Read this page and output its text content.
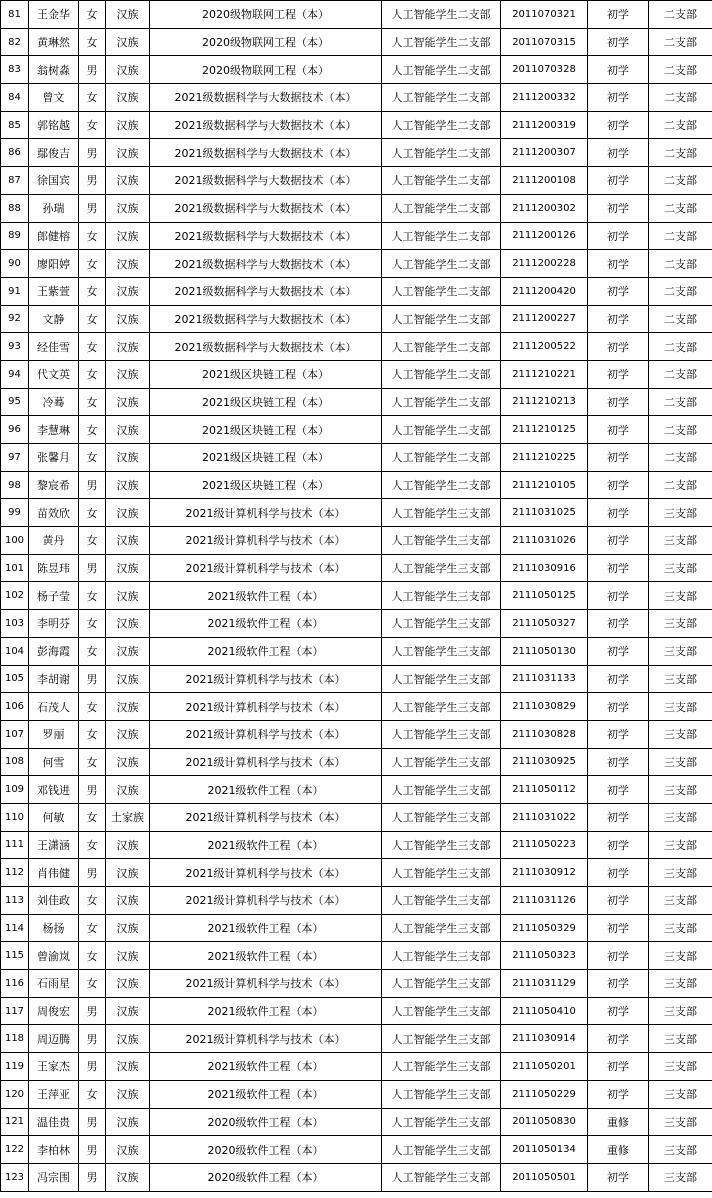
81	王金华	女	汉族	2020级物联网工程（本）	人工智能学生二支部	2011070321	初学	二支部
82	黄琳然	女	汉族	2020级物联网工程（本）	人工智能学生二支部	2011070315	初学	二支部
83	翁树淼	男	汉族	2020级物联网工程（本）	人工智能学生二支部	2011070328	初学	二支部
84	曾文	女	汉族	2021级数据科学与大数据技术（本）	人工智能学生二支部	2111200332	初学	二支部
85	郭铭越	女	汉族	2021级数据科学与大数据技术（本）	人工智能学生二支部	2111200319	初学	二支部
86	鄢俊吉	男	汉族	2021级数据科学与大数据技术（本）	人工智能学生二支部	2111200307	初学	二支部
87	徐国宾	男	汉族	2021级数据科学与大数据技术（本）	人工智能学生二支部	2111200108	初学	二支部
88	孙瑞	男	汉族	2021级数据科学与大数据技术（本）	人工智能学生二支部	2111200302	初学	二支部
89	郎健榕	女	汉族	2021级数据科学与大数据技术（本）	人工智能学生二支部	2111200126	初学	二支部
90	廖阳婷	女	汉族	2021级数据科学与大数据技术（本）	人工智能学生二支部	2111200228	初学	二支部
91	王紫萱	女	汉族	2021级数据科学与大数据技术（本）	人工智能学生二支部	2111200420	初学	二支部
92	文静	女	汉族	2021级数据科学与大数据技术（本）	人工智能学生二支部	2111200227	初学	二支部
93	经佳雪	女	汉族	2021级数据科学与大数据技术（本）	人工智能学生二支部	2111200522	初学	二支部
94	代文英	女	汉族	2021级区块链工程（本）	人工智能学生二支部	2111210221	初学	二支部
95	冷蓦	女	汉族	2021级区块链工程（本）	人工智能学生二支部	2111210213	初学	二支部
96	李慧琳	女	汉族	2021级区块链工程（本）	人工智能学生二支部	2111210125	初学	二支部
97	张馨月	女	汉族	2021级区块链工程（本）	人工智能学生二支部	2111210225	初学	二支部
98	黎宸希	男	汉族	2021级区块链工程（本）	人工智能学生二支部	2111210105	初学	二支部
99	苗效欣	女	汉族	2021级计算机科学与技术（本）	人工智能学生三支部	2111031025	初学	三支部
100	黄丹	女	汉族	2021级计算机科学与技术（本）	人工智能学生三支部	2111031026	初学	三支部
101	陈昱玮	男	汉族	2021级计算机科学与技术（本）	人工智能学生三支部	2111030916	初学	三支部
102	杨子莹	女	汉族	2021级软件工程（本）	人工智能学生三支部	2111050125	初学	三支部
103	李明芬	女	汉族	2021级软件工程（本）	人工智能学生三支部	2111050327	初学	三支部
104	彭海霞	女	汉族	2021级软件工程（本）	人工智能学生三支部	2111050130	初学	三支部
105	李胡谢	男	汉族	2021级计算机科学与技术（本）	人工智能学生三支部	2111031133	初学	三支部
106	石茂人	女	汉族	2021级计算机科学与技术（本）	人工智能学生三支部	2111030829	初学	三支部
107	罗丽	女	汉族	2021级计算机科学与技术（本）	人工智能学生三支部	2111030828	初学	三支部
108	何雪	女	汉族	2021级计算机科学与技术（本）	人工智能学生三支部	2111030925	初学	三支部
109	邓钱进	男	汉族	2021级软件工程（本）	人工智能学生三支部	2111050112	初学	三支部
110	何敏	女	土家族	2021级计算机科学与技术（本）	人工智能学生三支部	2111031022	初学	三支部
111	王潇涵	女	汉族	2021级软件工程（本）	人工智能学生三支部	2111050223	初学	三支部
112	肖伟健	男	汉族	2021级计算机科学与技术（本）	人工智能学生三支部	2111030912	初学	三支部
113	刘佳政	女	汉族	2021级计算机科学与技术（本）	人工智能学生三支部	2111031126	初学	三支部
114	杨扬	女	汉族	2021级软件工程（本）	人工智能学生三支部	2111050329	初学	三支部
115	曾渝岚	女	汉族	2021级软件工程（本）	人工智能学生三支部	2111050323	初学	三支部
116	石雨星	女	汉族	2021级计算机科学与技术（本）	人工智能学生三支部	2111031129	初学	三支部
117	周俊宏	男	汉族	2021级软件工程（本）	人工智能学生三支部	2111050410	初学	三支部
118	周迈腾	男	汉族	2021级计算机科学与技术（本）	人工智能学生三支部	2111030914	初学	三支部
119	王家杰	男	汉族	2021级软件工程（本）	人工智能学生三支部	2111050201	初学	三支部
120	王萍亚	女	汉族	2021级软件工程（本）	人工智能学生三支部	2111050229	初学	三支部
121	温佳贵	男	汉族	2020级软件工程（本）	人工智能学生三支部	2011050830	重修	三支部
122	李柏林	男	汉族	2020级软件工程（本）	人工智能学生三支部	2011050134	重修	三支部
123	冯宗围	男	汉族	2020级软件工程（本）	人工智能学生三支部	2011050501	初学	三支部
